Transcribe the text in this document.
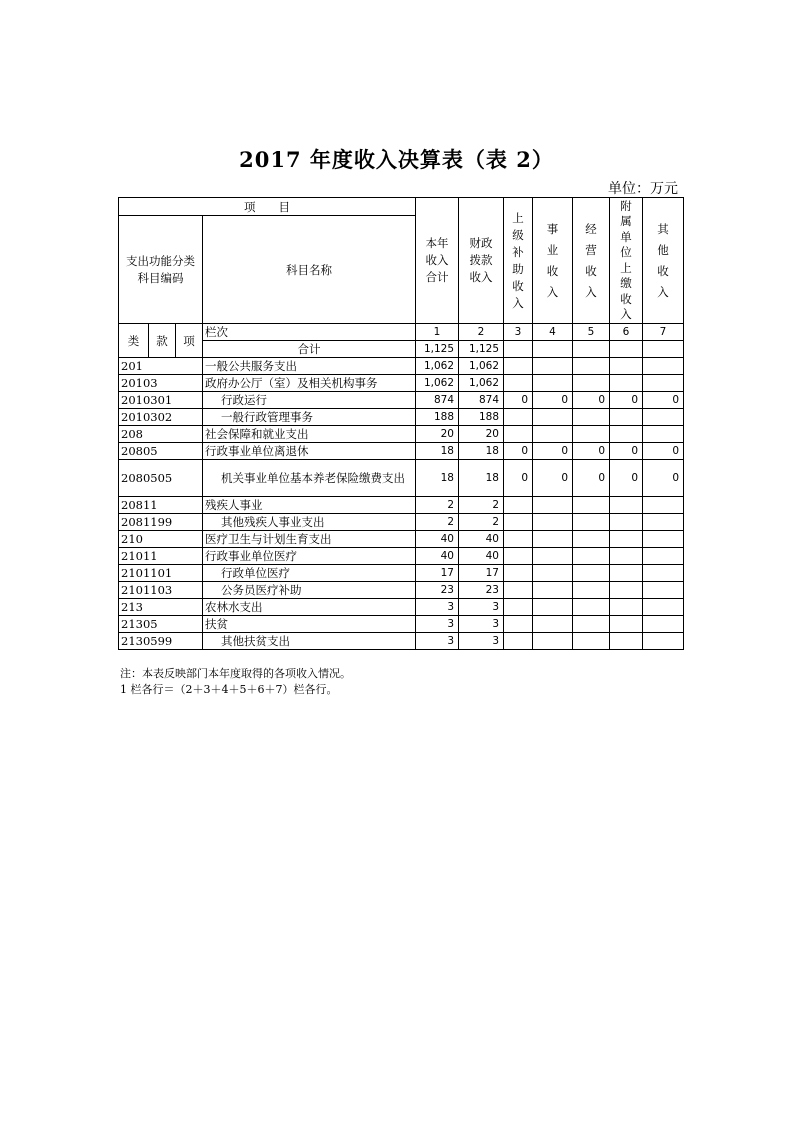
2017 年度收入决算表（表 2）
单位：万元
项　　目				本年收入合计	财政拨款收入	上级补助收入	事业收入	经营收入	附属单位上缴收入	其他收入

支出功能分类科目编码			科目名称							
类	款	项	栏次	1	2	3	4	5	6	7
			合计	1,125	1,125					
201			一般公共服务支出	1,062	1,062					
20103			政府办公厅（室）及相关机构事务	1,062	1,062					
2010301			行政运行	874	874	0	0	0	0	0
2010302			一般行政管理事务	188	188					
208			社会保障和就业支出	20	20					
20805			行政事业单位离退休	18	18	0	0	0	0	0
2080505			机关事业单位基本养老保险缴费支出	18	18	0	0	0	0	0
20811			残疾人事业	2	2					
2081199			其他残疾人事业支出	2	2					
210			医疗卫生与计划生育支出	40	40					
21011			行政事业单位医疗	40	40					
2101101			行政单位医疗	17	17					
2101103			公务员医疗补助	23	23					
213			农林水支出	3	3					
21305			扶贫	3	3					
2130599			其他扶贫支出	3	3					
注：本表反映部门本年度取得的各项收入情况。
1 栏各行＝（2＋3＋4＋5＋6＋7）栏各行。
